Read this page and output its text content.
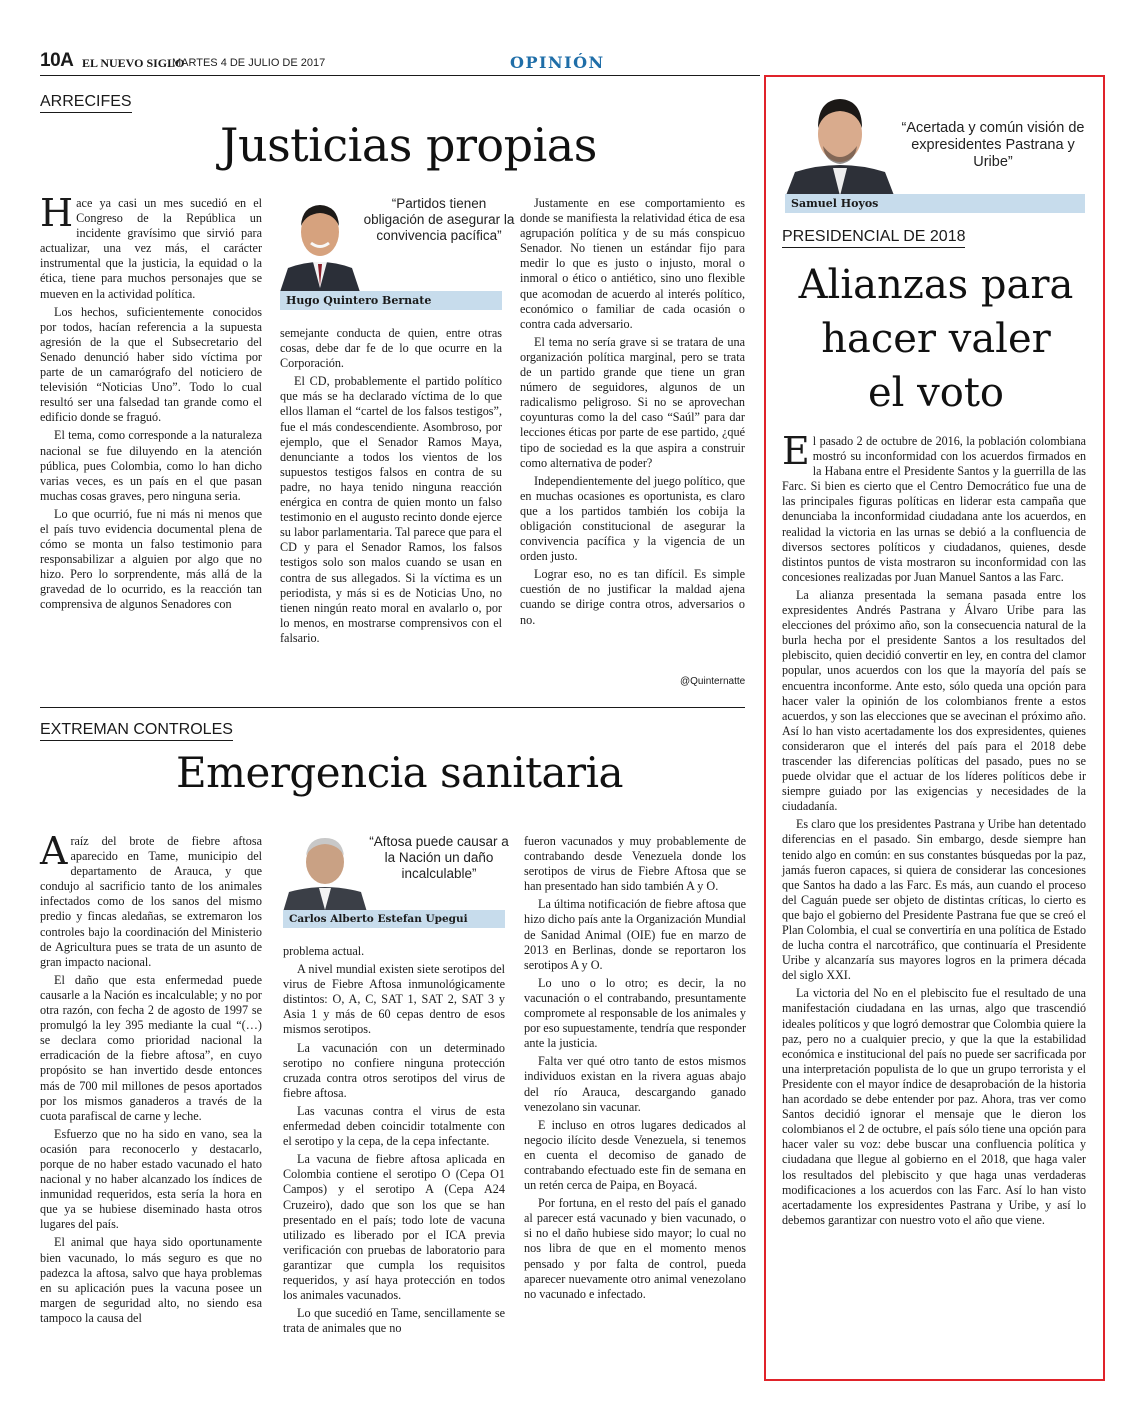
10A EL NUEVO SIGLO
MARTES 4 DE JULIO DE 2017	OPINIÓN
ARRECIFES
Justicias propias

Hace ya casi un mes sucedió en el Congreso de la República un incidente gravísimo que sirvió para actualizar, una vez más, el carácter instrumental que la justicia, la equidad o la ética, tiene para muchos personajes que se mueven en la actividad política.

Los hechos, suficientemente conocidos por todos, hacían referencia a la supuesta agresión de la que el Subsecretario del Senado denunció haber sido víctima por parte de un camarógrafo del noticiero de televisión “Noticias Uno”. Todo lo cual resultó ser una falsedad tan grande como el edificio donde se fraguó.

El tema, como corresponde a la naturaleza nacional se fue diluyendo en la atención pública, pues Colombia, como lo han dicho varias veces, es un país en el que pasan muchas cosas graves, pero ninguna seria.

Lo que ocurrió, fue ni más ni menos que el país tuvo evidencia documental plena de cómo se monta un falso testimonio para responsabilizar a alguien por algo que no hizo. Pero lo sorprendente, más allá de la gravedad de lo ocurrido, es la reacción tan comprensiva de algunos Senadores con

“Partidos tienen obligación de asegurar la convivencia pacífica”
Hugo Quintero Bernate

semejante conducta de quien, entre otras cosas, debe dar fe de lo que ocurre en la Corporación.

El CD, probablemente el partido político que más se ha declarado víctima de lo que ellos llaman el “cartel de los falsos testigos”, fue el más condescendiente. Asombroso, por ejemplo, que el Senador Ramos Maya, denunciante a todos los vientos de los supuestos testigos falsos en contra de su padre, no haya tenido ninguna reacción enérgica en contra de quien monto un falso testimonio en el augusto recinto donde ejerce su labor parlamentaria. Tal parece que para el CD y para el Senador Ramos, los falsos testigos solo son malos cuando se usan en contra de sus allegados. Si la víctima es un periodista, y más si es de Noticias Uno, no tienen ningún reato moral en avalarlo o, por lo menos, en mostrarse comprensivos con el falsario.

Justamente en ese comportamiento es donde se manifiesta la relatividad ética de esa agrupación política y de su más conspicuo Senador. No tienen un estándar fijo para medir lo que es justo o injusto, moral o inmoral o ético o antiético, sino uno flexible que acomodan de acuerdo al interés político, económico o familiar de cada ocasión o contra cada adversario.

El tema no sería grave si se tratara de una organización política marginal, pero se trata de un partido grande que tiene un gran número de seguidores, algunos de un radicalismo peligroso. Si no se aprovechan coyunturas como la del caso “Saúl” para dar lecciones éticas por parte de ese partido, ¿qué tipo de sociedad es la que aspira a construir como alternativa de poder?

Independientemente del juego político, que en muchas ocasiones es oportunista, es claro que a los partidos también los cobija la obligación constitucional de asegurar la convivencia pacífica y la vigencia de un orden justo.

Lograr eso, no es tan difícil. Es simple cuestión de no justificar la maldad ajena cuando se dirige contra otros, adversarios o no.

@Quinternatte
EXTREMAN CONTROLES
Emergencia sanitaria

Araíz del brote de fiebre aftosa aparecido en Tame, municipio del departamento de Arauca, y que condujo al sacrificio tanto de los animales infectados como de los sanos del mismo predio y fincas aledañas, se extremaron los controles bajo la coordinación del Ministerio de Agricultura pues se trata de un asunto de gran impacto nacional.

El daño que esta enfermedad puede causarle a la Nación es incalculable; y no por otra razón, con fecha 2 de agosto de 1997 se promulgó la ley 395 mediante la cual “(…) se declara como prioridad nacional la erradicación de la fiebre aftosa”, en cuyo propósito se han invertido desde entonces más de 700 mil millones de pesos aportados por los mismos ganaderos a través de la cuota parafiscal de carne y leche.

Esfuerzo que no ha sido en vano, sea la ocasión para reconocerlo y destacarlo, porque de no haber estado vacunado el hato nacional y no haber alcanzado los índices de inmunidad requeridos, esta sería la hora en que ya se hubiese diseminado hasta otros lugares del país.

El animal que haya sido oportunamente bien vacunado, lo más seguro es que no padezca la aftosa, salvo que haya problemas en su aplicación pues la vacuna posee un margen de seguridad alto, no siendo esa tampoco la causa del

“Aftosa puede causar a la Nación un daño incalculable”
Carlos Alberto Estefan Upegui

problema actual.

A nivel mundial existen siete serotipos del virus de Fiebre Aftosa inmunológicamente distintos: O, A, C, SAT 1, SAT 2, SAT 3 y Asia 1 y más de 60 cepas dentro de esos mismos serotipos.

La vacunación con un determinado serotipo no confiere ninguna protección cruzada contra otros serotipos del virus de fiebre aftosa.

Las vacunas contra el virus de esta enfermedad deben coincidir totalmente con el serotipo y la cepa, de la cepa infectante.

La vacuna de fiebre aftosa aplicada en Colombia contiene el serotipo O (Cepa O1 Campos) y el serotipo A (Cepa A24 Cruzeiro), dado que son los que se han presentado en el país; todo lote de vacuna utilizado es liberado por el ICA previa verificación con pruebas de laboratorio para garantizar que cumpla los requisitos requeridos, y así haya protección en todos los animales vacunados.

Lo que sucedió en Tame, sencillamente se trata de animales que no

fueron vacunados y muy probablemente de contrabando desde Venezuela donde los serotipos de virus de Fiebre Aftosa que se han presentado han sido también A y O.

La última notificación de fiebre aftosa que hizo dicho país ante la Organización Mundial de Sanidad Animal (OIE) fue en marzo de 2013 en Berlinas, donde se reportaron los serotipos A y O.

Lo uno o lo otro; es decir, la no vacunación o el contrabando, presuntamente compromete al responsable de los animales y por eso supuestamente, tendría que responder ante la justicia.

Falta ver qué otro tanto de estos mismos individuos existan en la rivera aguas abajo del río Arauca, descargando ganado venezolano sin vacunar.

E incluso en otros lugares dedicados al negocio ilícito desde Venezuela, si tenemos en cuenta el decomiso de ganado de contrabando efectuado este fin de semana en un retén cerca de Paipa, en Boyacá.

Por fortuna, en el resto del país el ganado al parecer está vacunado y bien vacunado, o si no el daño hubiese sido mayor; lo cual no nos libra de que en el momento menos pensado y por falta de control, pueda aparecer nuevamente otro animal venezolano no vacunado e infectado.

“Acertada y común visión de expresidentes Pastrana y Uribe”
Samuel Hoyos
PRESIDENCIAL DE 2018
Alianzas para
hacer valer
el voto

El pasado 2 de octubre de 2016, la población colombiana mostró su inconformidad con los acuerdos firmados en la Habana entre el Presidente Santos y la guerrilla de las Farc. Si bien es cierto que el Centro Democrático fue una de las principales figuras políticas en liderar esta campaña que denunciaba la inconformidad ciudadana ante los acuerdos, en realidad la victoria en las urnas se debió a la confluencia de diversos sectores políticos y ciudadanos, quienes, desde distintos puntos de vista mostraron su inconformidad con las concesiones realizadas por Juan Manuel Santos a las Farc.

La alianza presentada la semana pasada entre los expresidentes Andrés Pastrana y Álvaro Uribe para las elecciones del próximo año, son la consecuencia natural de la burla hecha por el presidente Santos a los resultados del plebiscito, quien decidió convertir en ley, en contra del clamor popular, unos acuerdos con los que la mayoría del país se encuentra inconforme. Ante esto, sólo queda una opción para hacer valer la opinión de los colombianos frente a estos acuerdos, y son las elecciones que se avecinan el próximo año. Así lo han visto acertadamente los dos expresidentes, quienes consideraron que el interés del país para el 2018 debe trascender las diferencias políticas del pasado, pues no se puede olvidar que el actuar de los líderes políticos debe ir siempre guiado por las exigencias y necesidades de la ciudadanía.

Es claro que los presidentes Pastrana y Uribe han detentado diferencias en el pasado. Sin embargo, desde siempre han tenido algo en común: en sus constantes búsquedas por la paz, jamás fueron capaces, si quiera de considerar las concesiones que Santos ha dado a las Farc. Es más, aun cuando el proceso del Caguán puede ser objeto de distintas críticas, lo cierto es que bajo el gobierno del Presidente Pastrana fue que se creó el Plan Colombia, el cual se convertiría en una política de Estado de lucha contra el narcotráfico, que continuaría el Presidente Uribe y alcanzaría sus mayores logros en la primera década del siglo XXI.

La victoria del No en el plebiscito fue el resultado de una manifestación ciudadana en las urnas, algo que trascendió ideales políticos y que logró demostrar que Colombia quiere la paz, pero no a cualquier precio, y que la que la estabilidad económica e institucional del país no puede ser sacrificada por una interpretación populista de lo que un grupo terrorista y el Presidente con el mayor índice de desaprobación de la historia han acordado se debe entender por paz. Ahora, tras ver como Santos decidió ignorar el mensaje que le dieron los colombianos el 2 de octubre, el país sólo tiene una opción para hacer valer su voz: debe buscar una confluencia política y ciudadana que llegue al gobierno en el 2018, que haga valer los resultados del plebiscito y que haga unas verdaderas modificaciones a los acuerdos con las Farc. Así lo han visto acertadamente los expresidentes Pastrana y Uribe, y así lo debemos garantizar con nuestro voto el año que viene.
